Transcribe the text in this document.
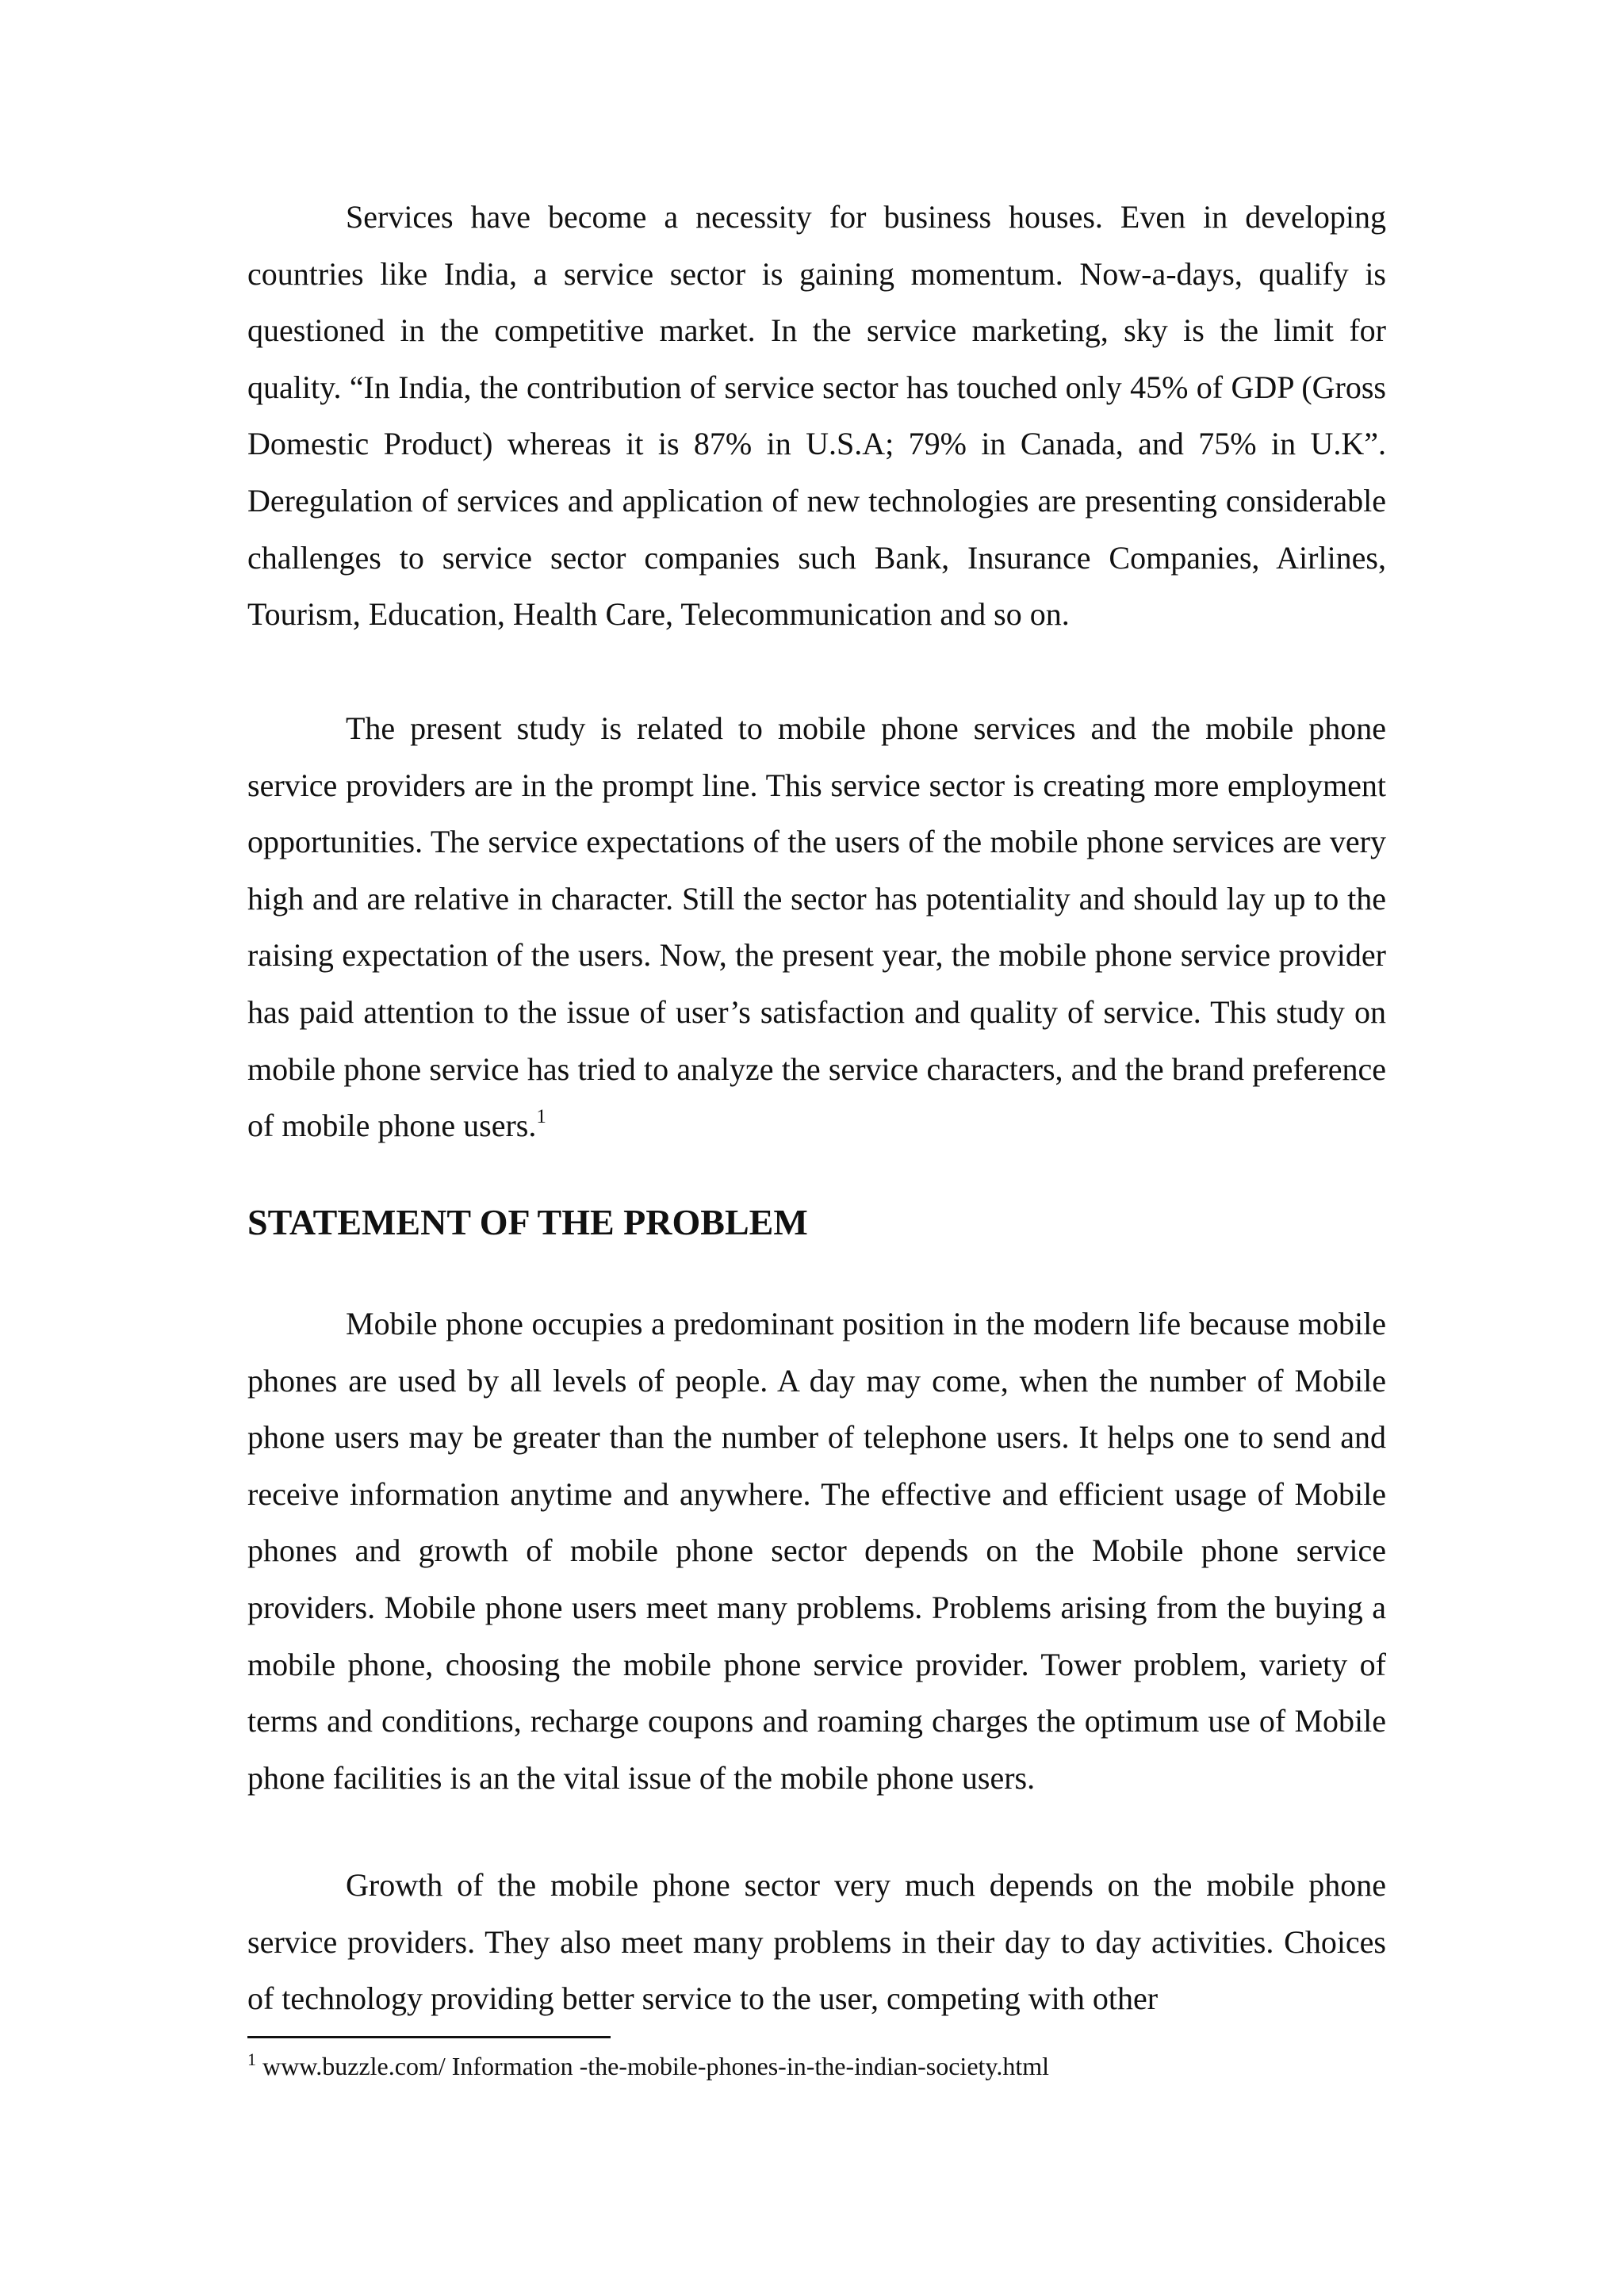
Services have become a necessity for business houses. Even in developing countries like India, a service sector is gaining momentum. Now-a-days, qualify is questioned in the competitive market. In the service marketing, sky is the limit for quality. “In India, the contribution of service sector has touched only 45% of GDP (Gross Domestic Product) whereas it is 87% in U.S.A; 79% in Canada, and 75% in U.K”. Deregulation of services and application of new technologies are presenting considerable challenges to service sector companies such Bank, Insurance Companies, Airlines, Tourism, Education, Health Care, Telecommunication and so on.

The present study is related to mobile phone services and the mobile phone service providers are in the prompt line. This service sector is creating more employment opportunities. The service expectations of the users of the mobile phone services are very high and are relative in character. Still the sector has potentiality and should lay up to the raising expectation of the users. Now, the present year, the mobile phone service provider has paid attention to the issue of user’s satisfaction and quality of service. This study on mobile phone service has tried to analyze the service characters, and the brand preference of mobile phone users.$^1$

STATEMENT OF THE PROBLEM

Mobile phone occupies a predominant position in the modern life because mobile phones are used by all levels of people. A day may come, when the number of Mobile phone users may be greater than the number of telephone users. It helps one to send and receive information anytime and anywhere. The effective and efficient usage of Mobile phones and growth of mobile phone sector depends on the Mobile phone service providers. Mobile phone users meet many problems. Problems arising from the buying a mobile phone, choosing the mobile phone service provider. Tower problem, variety of terms and conditions, recharge coupons and roaming charges the optimum use of Mobile phone facilities is an the vital issue of the mobile phone users.

Growth of the mobile phone sector very much depends on the mobile phone service providers. They also meet many problems in their day to day activities. Choices of technology providing better service to the user, competing with other

$^1$ www.buzzle.com/ Information -the-mobile-phones-in-the-indian-society.html
